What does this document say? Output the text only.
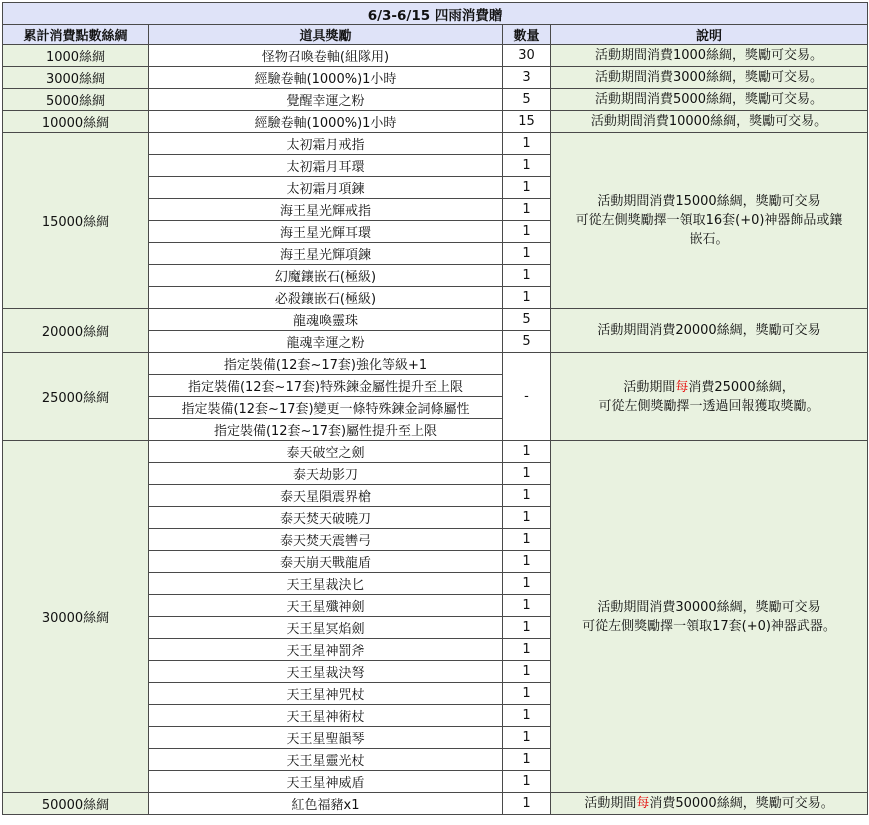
6/3-6/15 四雨消費贈			
累計消費點數絲綢	道具獎勵	數量	說明
1000絲綢	怪物召喚卷軸(組隊用)	30	活動期間消費1000絲綢，獎勵可交易。

3000絲綢	經驗卷軸(1000%)1小時	3	活動期間消費3000絲綢，獎勵可交易。

5000絲綢	覺醒幸運之粉	5	活動期間消費5000絲綢，獎勵可交易。

10000絲綢	經驗卷軸(1000%)1小時	15	活動期間消費10000絲綢，獎勵可交易。

15000絲綢	太初霜月戒指	1	活動期間消費15000絲綢，獎勵可交易
可從左側獎勵擇一領取16套(+0)神器飾品或鑲
嵌石。

	太初霜月耳環	1	
	太初霜月項鍊	1	
	海王星光輝戒指	1	
	海王星光輝耳環	1	
	海王星光輝項鍊	1	
	幻魔鑲嵌石(極級)	1	
	必殺鑲嵌石(極級)	1	
20000絲綢	龍魂喚靈珠	5	活動期間消費20000絲綢，獎勵可交易

	龍魂幸運之粉	5	
25000絲綢	指定裝備(12套~17套)強化等級+1	-	活動期間每消費25000絲綢，
可從左側獎勵擇一透過回報獲取獎勵。

	指定裝備(12套~17套)特殊鍊金屬性提升至上限		
	指定裝備(12套~17套)變更一條特殊鍊金詞條屬性		
	指定裝備(12套~17套)屬性提升至上限		
30000絲綢	泰天破空之劍	1	活動期間消費30000絲綢，獎勵可交易
可從左側獎勵擇一領取17套(+0)神器武器。

	泰天劫影刀	1	
	泰天星隕震界槍	1	
	泰天焚天破曉刀	1	
	泰天焚天震轡弓	1	
	泰天崩天戰龍盾	1	
	天王星裁決匕	1	
	天王星殲神劍	1	
	天王星冥焰劍	1	
	天王星神罰斧	1	
	天王星裁決弩	1	
	天王星神咒杖	1	
	天王星神術杖	1	
	天王星聖韻琴	1	
	天王星靈光杖	1	
	天王星神威盾	1	
50000絲綢	紅色福豬x1	1	活動期間每消費50000絲綢，獎勵可交易。
